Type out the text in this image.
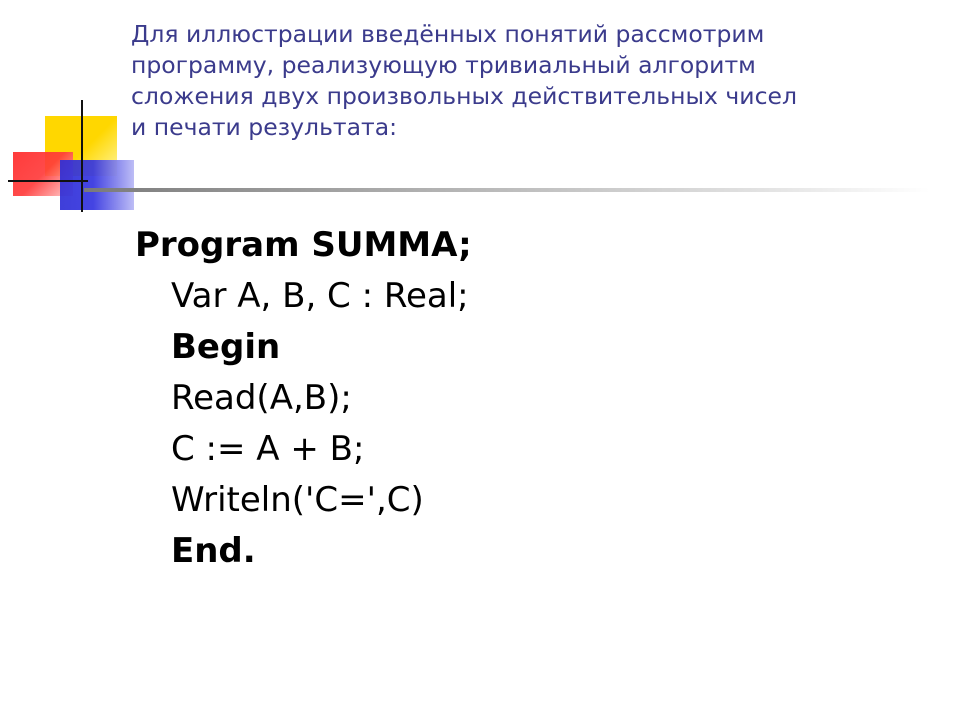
Для иллюстрации введённых понятий рассмотрим
программу, реализующую тривиальный алгоритм
сложения двух произвольных действительных чисел
и печати результата:

Program SUMMA;
Var A, B, C : Real;
Begin
Read(A,B);
C := A + B;
Writeln('C=',C)
End.
